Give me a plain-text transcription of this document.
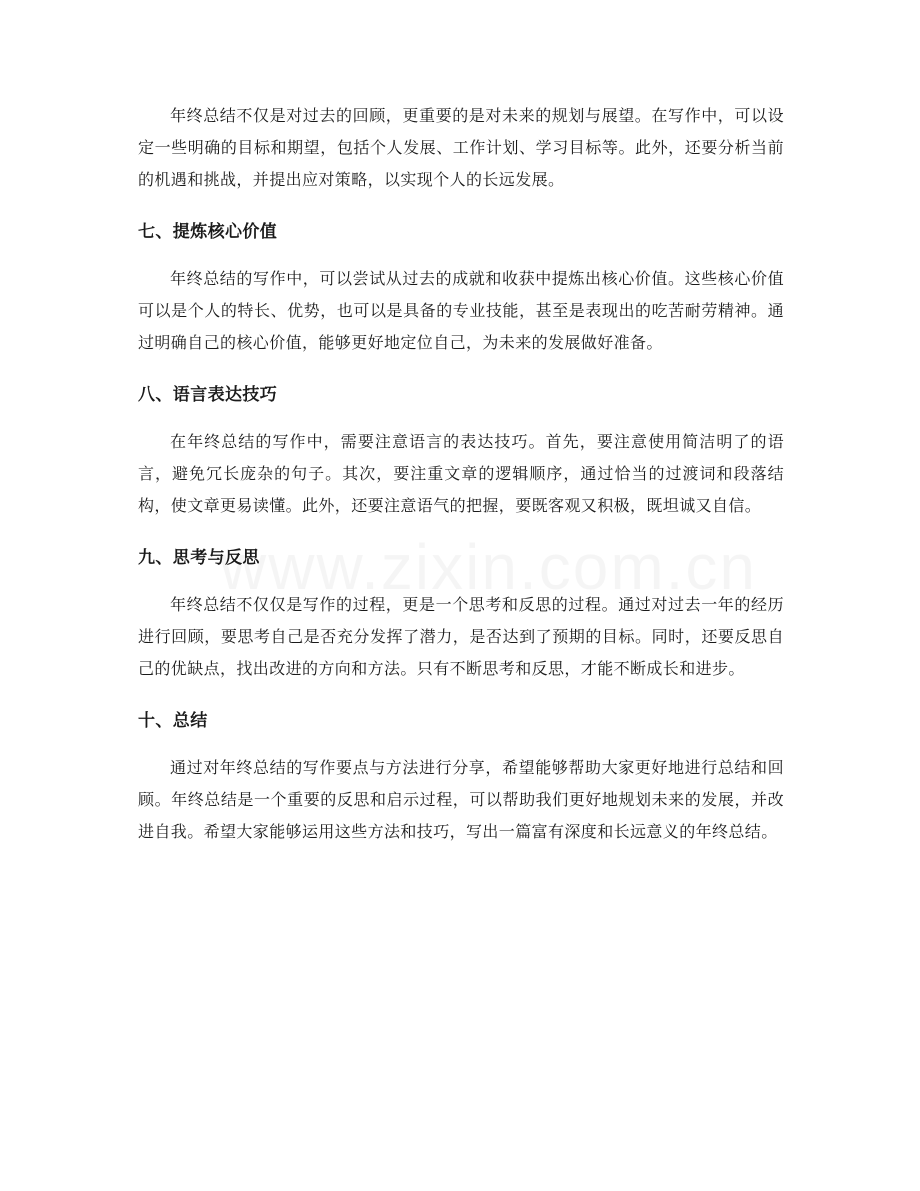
年终总结不仅是对过去的回顾，更重要的是对未来的规划与展望。在写作中，可以设定一些明确的目标和期望，包括个人发展、工作计划、学习目标等。此外，还要分析当前的机遇和挑战，并提出应对策略，以实现个人的长远发展。

七、提炼核心价值

年终总结的写作中，可以尝试从过去的成就和收获中提炼出核心价值。这些核心价值可以是个人的特长、优势，也可以是具备的专业技能，甚至是表现出的吃苦耐劳精神。通过明确自己的核心价值，能够更好地定位自己，为未来的发展做好准备。

八、语言表达技巧

在年终总结的写作中，需要注意语言的表达技巧。首先，要注意使用简洁明了的语言，避免冗长庞杂的句子。其次，要注重文章的逻辑顺序，通过恰当的过渡词和段落结构，使文章更易读懂。此外，还要注意语气的把握，要既客观又积极，既坦诚又自信。

九、思考与反思

年终总结不仅仅是写作的过程，更是一个思考和反思的过程。通过对过去一年的经历进行回顾，要思考自己是否充分发挥了潜力，是否达到了预期的目标。同时，还要反思自己的优缺点，找出改进的方向和方法。只有不断思考和反思，才能不断成长和进步。

十、总结

通过对年终总结的写作要点与方法进行分享，希望能够帮助大家更好地进行总结和回顾。年终总结是一个重要的反思和启示过程，可以帮助我们更好地规划未来的发展，并改进自我。希望大家能够运用这些方法和技巧，写出一篇富有深度和长远意义的年终总结。
